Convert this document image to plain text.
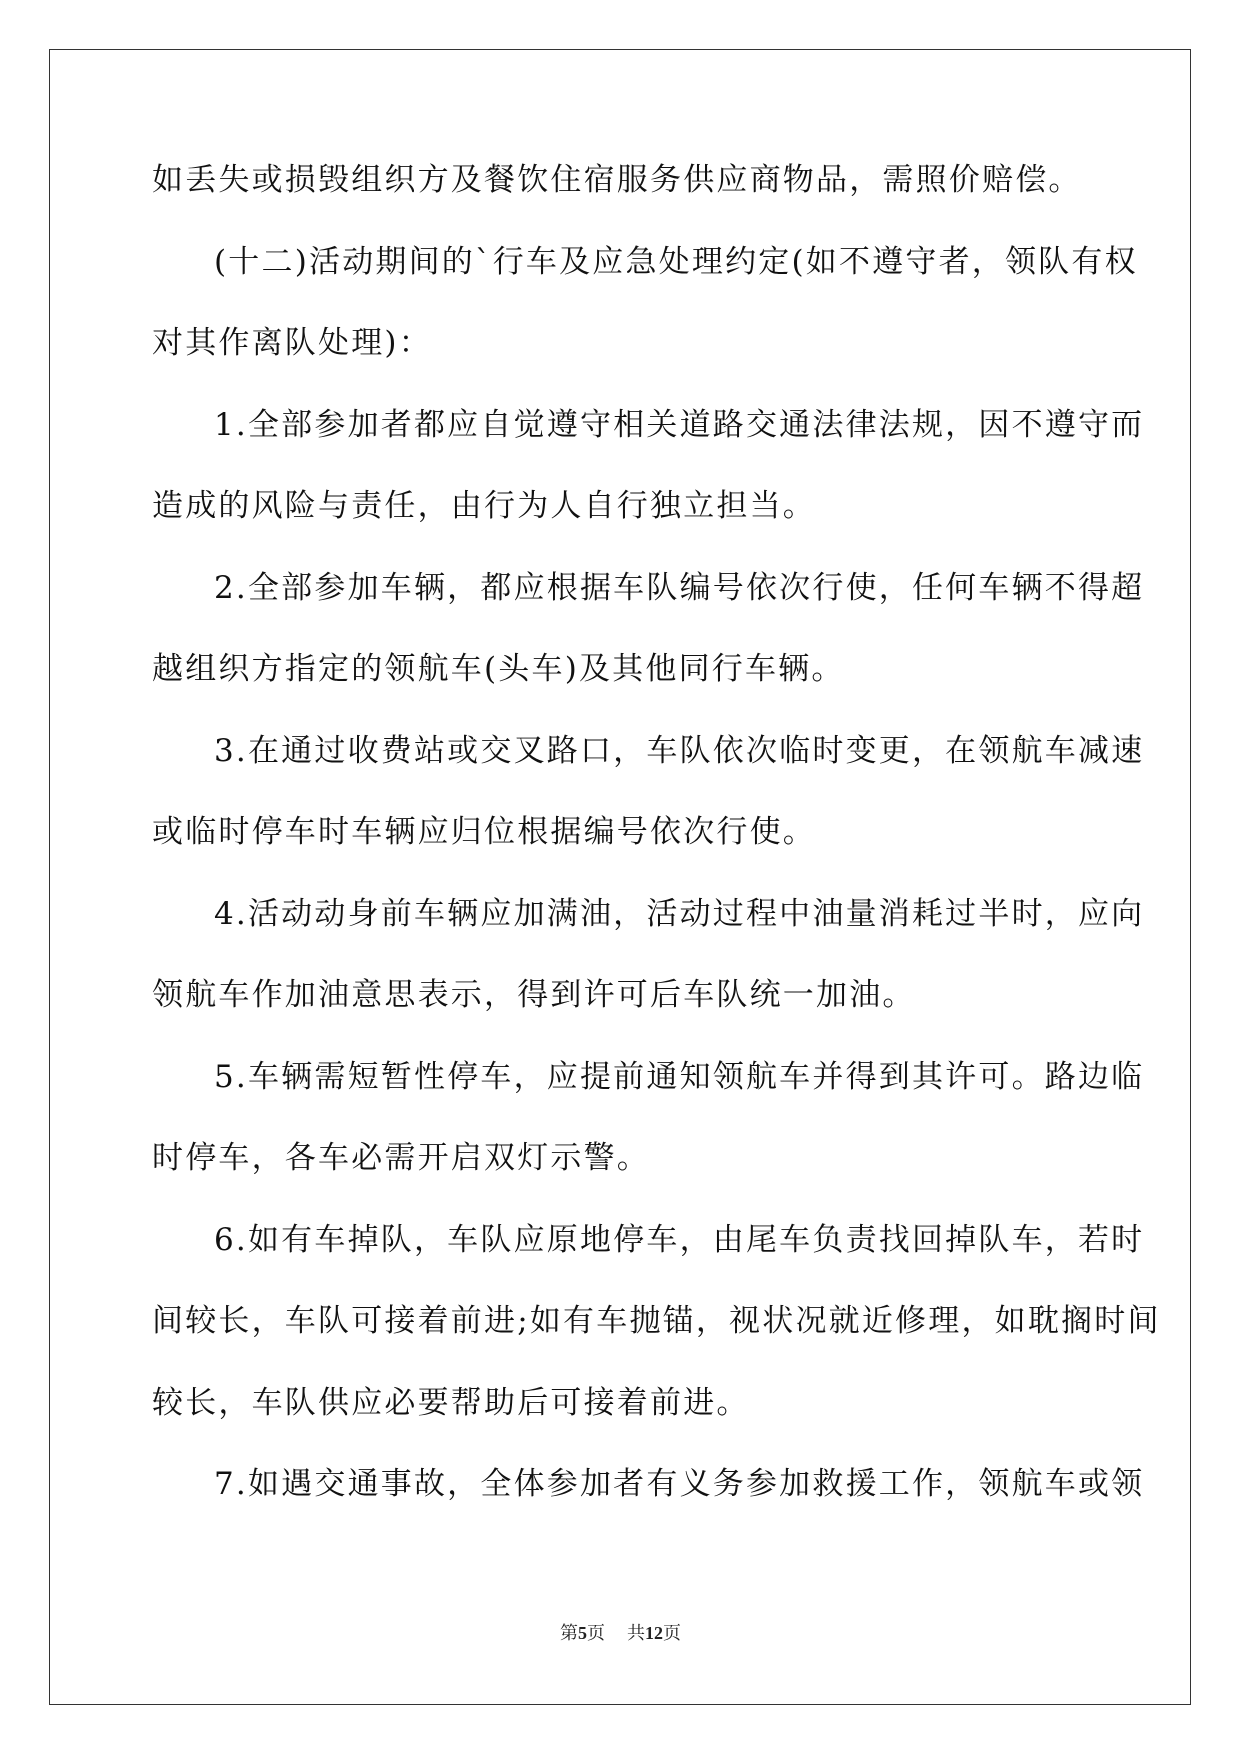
如丢失或损毁组织方及餐饮住宿服务供应商物品，需照价赔偿。
(十二)活动期间的`行车及应急处理约定(如不遵守者，领队有权
对其作离队处理)：
1.全部参加者都应自觉遵守相关道路交通法律法规，因不遵守而
造成的风险与责任，由行为人自行独立担当。
2.全部参加车辆，都应根据车队编号依次行使，任何车辆不得超
越组织方指定的领航车(头车)及其他同行车辆。
3.在通过收费站或交叉路口，车队依次临时变更，在领航车减速
或临时停车时车辆应归位根据编号依次行使。
4.活动动身前车辆应加满油，活动过程中油量消耗过半时，应向
领航车作加油意思表示，得到许可后车队统一加油。
5.车辆需短暂性停车，应提前通知领航车并得到其许可。路边临
时停车，各车必需开启双灯示警。
6.如有车掉队，车队应原地停车，由尾车负责找回掉队车，若时
间较长，车队可接着前进;如有车抛锚，视状况就近修理，如耽搁时间
较长，车队供应必要帮助后可接着前进。
7.如遇交通事故，全体参加者有义务参加救援工作，领航车或领
第5页 共12页
